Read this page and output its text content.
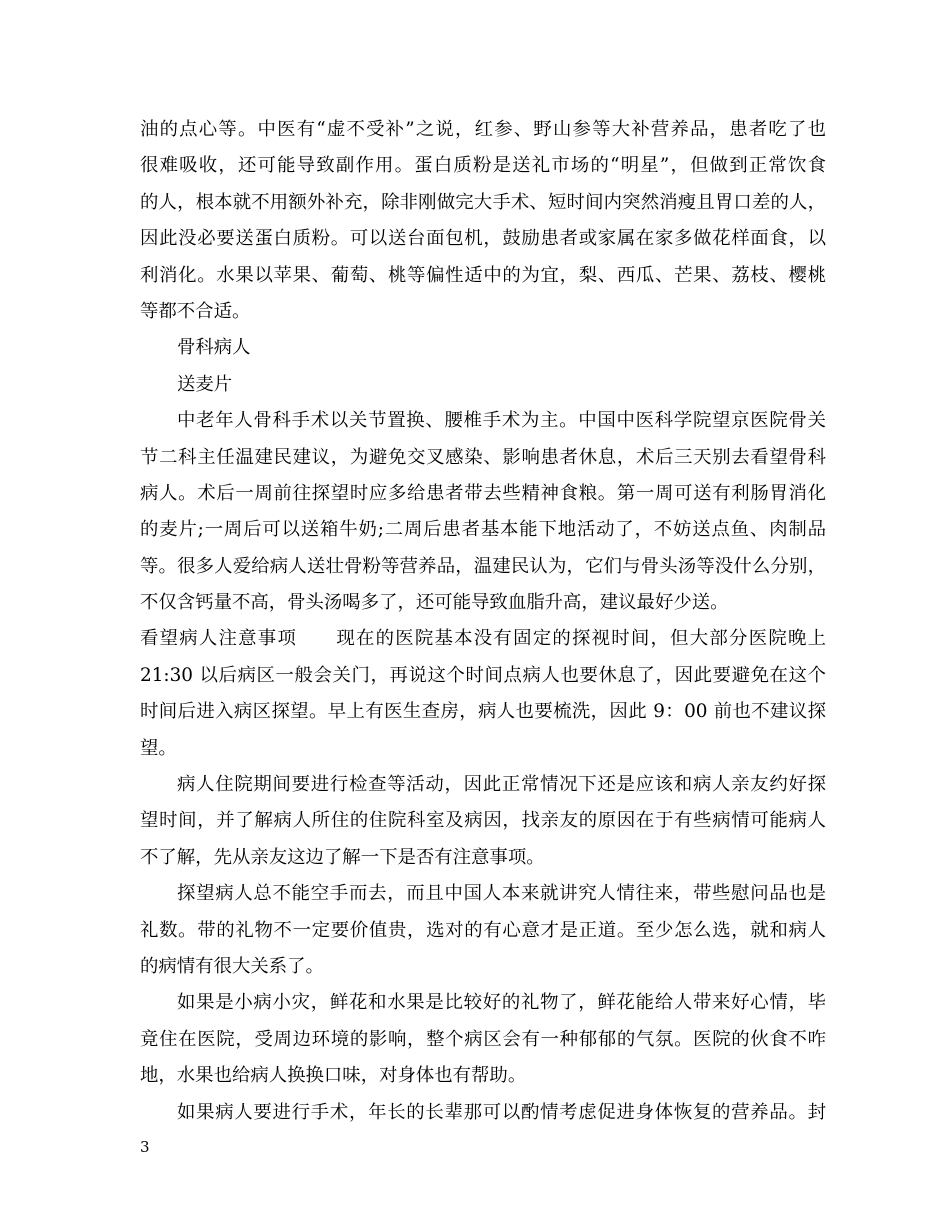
油的点心等。中医有“虚不受补”之说，红参、野山参等大补营养品，患者吃了也
很难吸收，还可能导致副作用。蛋白质粉是送礼市场的“明星”，但做到正常饮食
的人，根本就不用额外补充，除非刚做完大手术、短时间内突然消瘦且胃口差的人，
因此没必要送蛋白质粉。可以送台面包机，鼓励患者或家属在家多做花样面食，以
利消化。水果以苹果、葡萄、桃等偏性适中的为宜，梨、西瓜、芒果、荔枝、樱桃
等都不合适。
骨科病人
送麦片
中老年人骨科手术以关节置换、腰椎手术为主。中国中医科学院望京医院骨关
节二科主任温建民建议，为避免交叉感染、影响患者休息，术后三天别去看望骨科
病人。术后一周前往探望时应多给患者带去些精神食粮。第一周可送有利肠胃消化
的麦片;一周后可以送箱牛奶;二周后患者基本能下地活动了，不妨送点鱼、肉制品
等。很多人爱给病人送壮骨粉等营养品，温建民认为，它们与骨头汤等没什么分别，
不仅含钙量不高，骨头汤喝多了，还可能导致血脂升高，建议最好少送。
看望病人注意事项　　现在的医院基本没有固定的探视时间，但大部分医院晚上
21:30 以后病区一般会关门，再说这个时间点病人也要休息了，因此要避免在这个
时间后进入病区探望。早上有医生查房，病人也要梳洗，因此 9：00 前也不建议探
望。
病人住院期间要进行检查等活动，因此正常情况下还是应该和病人亲友约好探
望时间，并了解病人所住的住院科室及病因，找亲友的原因在于有些病情可能病人
不了解，先从亲友这边了解一下是否有注意事项。
探望病人总不能空手而去，而且中国人本来就讲究人情往来，带些慰问品也是
礼数。带的礼物不一定要价值贵，选对的有心意才是正道。至少怎么选，就和病人
的病情有很大关系了。
如果是小病小灾，鲜花和水果是比较好的礼物了，鲜花能给人带来好心情，毕
竟住在医院，受周边环境的影响，整个病区会有一种郁郁的气氛。医院的伙食不咋
地，水果也给病人换换口味，对身体也有帮助。
如果病人要进行手术，年长的长辈那可以酌情考虑促进身体恢复的营养品。封
3
